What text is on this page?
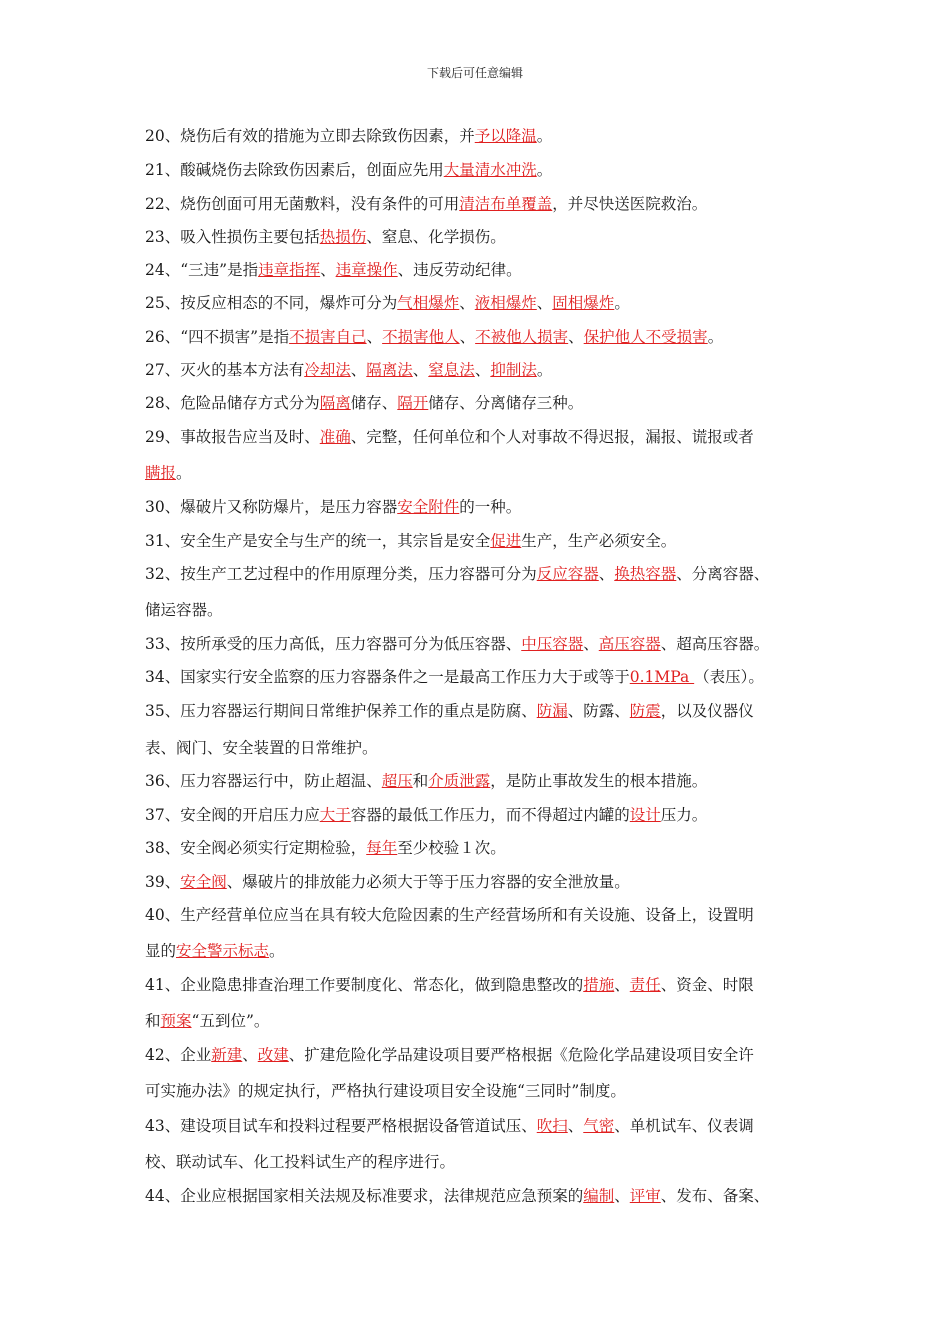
下载后可任意编辑
20、烧伤后有效的措施为立即去除致伤因素，并予以降温。
21、酸碱烧伤去除致伤因素后，创面应先用大量清水冲洗。
22、烧伤创面可用无菌敷料，没有条件的可用清洁布单覆盖，并尽快送医院救治。
23、吸入性损伤主要包括热损伤、窒息、化学损伤。
24、“三违”是指违章指挥、违章操作、违反劳动纪律。
25、按反应相态的不同，爆炸可分为气相爆炸、液相爆炸、固相爆炸。
26、“四不损害”是指不损害自己、不损害他人、不被他人损害、保护他人不受损害。
27、灭火的基本方法有冷却法、隔离法、窒息法、抑制法。
28、危险品储存方式分为隔离储存、隔开储存、分离储存三种。
29、事故报告应当及时、准确、完整，任何单位和个人对事故不得迟报，漏报、谎报或者
瞒报。
30、爆破片又称防爆片，是压力容器安全附件的一种。
31、安全生产是安全与生产的统一，其宗旨是安全促进生产，生产必须安全。
32、按生产工艺过程中的作用原理分类，压力容器可分为反应容器、换热容器、分离容器、
储运容器。
33、按所承受的压力高低，压力容器可分为低压容器、中压容器、高压容器、超高压容器。
34、国家实行安全监察的压力容器条件之一是最高工作压力大于或等于0.1MPa （表压）。
35、压力容器运行期间日常维护保养工作的重点是防腐、防漏、防露、防震，以及仪器仪
表、阀门、安全装置的日常维护。
36、压力容器运行中，防止超温、超压和介质泄露，是防止事故发生的根本措施。
37、安全阀的开启压力应大于容器的最低工作压力，而不得超过内罐的设计压力。
38、安全阀必须实行定期检验，每年至少校验１次。
39、安全阀、爆破片的排放能力必须大于等于压力容器的安全泄放量。
40、生产经营单位应当在具有较大危险因素的生产经营场所和有关设施、设备上，设置明
显的安全警示标志。
41、企业隐患排查治理工作要制度化、常态化，做到隐患整改的措施、责任、资金、时限
和预案“五到位”。
42、企业新建、改建、扩建危险化学品建设项目要严格根据《危险化学品建设项目安全许
可实施办法》的规定执行，严格执行建设项目安全设施“三同时”制度。
43、建设项目试车和投料过程要严格根据设备管道试压、吹扫、气密、单机试车、仪表调
校、联动试车、化工投料试生产的程序进行。
44、企业应根据国家相关法规及标准要求，法律规范应急预案的编制、评审、发布、备案、
